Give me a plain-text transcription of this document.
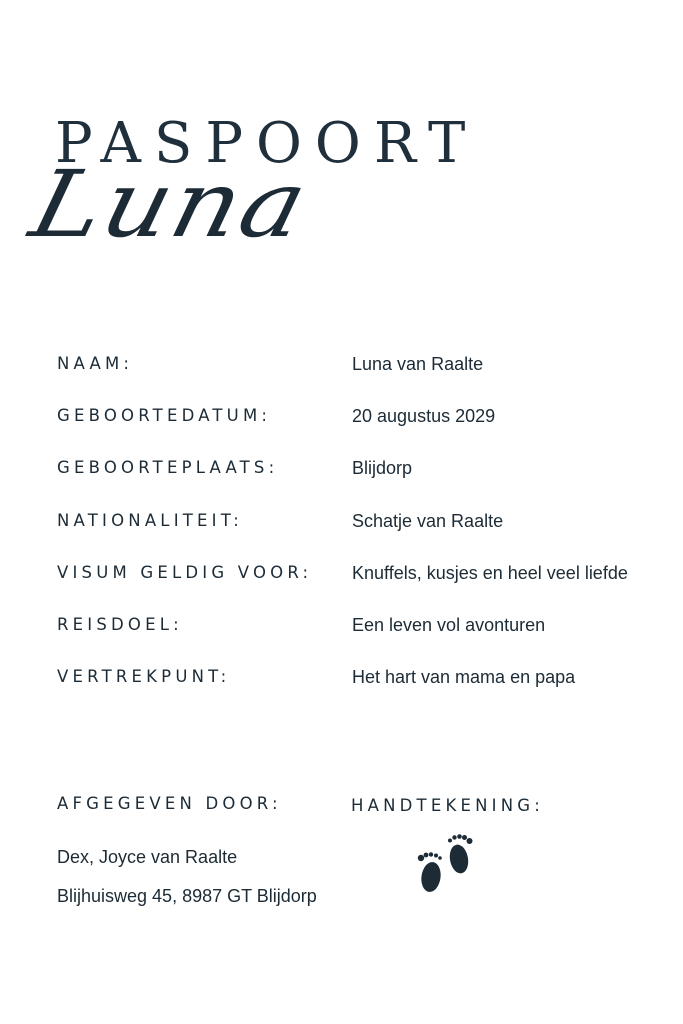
PASPOORT
Luna
NAAM:	Luna van Raalte
GEBOORTEDATUM:	20 augustus 2029
GEBOORTEPLAATS:	Blijdorp
NATIONALITEIT:	Schatje van Raalte
VISUM GELDIG VOOR: Knuffels, kusjes en heel veel liefde
REISDOEL:	Een leven vol avonturen
VERTREKPUNT:	Het hart van mama en papa
AFGEGEVEN DOOR:
Dex, Joyce van Raalte
Blijhuisweg 45, 8987 GT Blijdorp
HANDTEKENING:
